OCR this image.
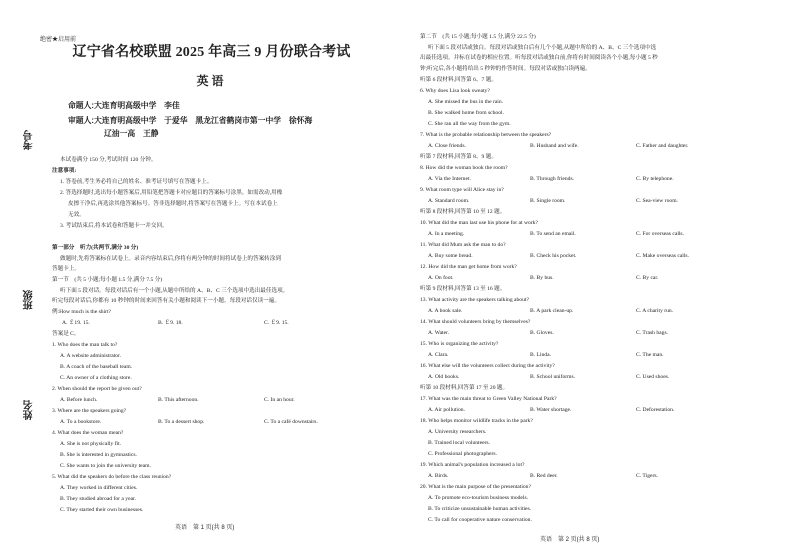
考号
班级
姓名
绝密★启用前
辽宁省名校联盟 2025 年高三 9 月份联合考试
英语
命题人:大连育明高级中学　李佳
审题人:大连育明高级中学　于爱华　黑龙江省鹤岗市第一中学　徐怀海
辽油一高　王静
本试卷满分 150 分,考试时间 120 分钟。
注意事项:
1. 答卷前,考生务必将自己的姓名、准考证号填写在答题卡上。
2. 答选择题时,选出每小题答案后,用铅笔把答题卡对应题目的答案标号涂黑。如需改动,用橡
皮擦干净后,再选涂其他答案标号。答非选择题时,将答案写在答题卡上。写在本试卷上
无效。
3. 考试结束后,将本试卷和答题卡一并交回。
第一部分　听力(共两节,满分 30 分)
做题时,先将答案标在试卷上。录音内容结束后,你将有两分钟的时间将试卷上的答案转涂到
答题卡上。
第一节　(共 5 小题;每小题 1.5 分,满分 7.5 分)
听下面 5 段对话。每段对话后有一个小题,从题中所给的 A、B、C 三个选项中选出最佳选项。
听完每段对话后,你都有 10 秒钟的时间来回答有关小题和阅读下一小题。每段对话仅读一遍。
例:How much is the shirt?
A. ￡19. 15.	B. ￡9. 18.	C. ￡9. 15.
答案是 C。
1. Who does the man talk to?
A. A website administrator.
B. A coach of the baseball team.
C. An owner of a clothing store.
2. When should the report be given out?
A. Before lunch.	B. This afternoon.	C. In an hour.
3. Where are the speakers going?
A. To a bookstore.	B. To a dessert shop.	C. To a café downstairs.
4. What does the woman mean?
A. She is not physically fit.
B. She is interested in gymnastics.
C. She wants to join the university team.
5. What did the speakers do before the class reunion?
A. They worked in different cities.
B. They studied abroad for a year.
C. They started their own businesses.
英语　第 1 页(共 8 页)
第二节　(共 15 小题;每小题 1.5 分,满分 22.5 分)
听下面 5 段对话或独白。每段对话或独白后有几个小题,从题中所给的 A、B、C 三个选项中选
出最佳选项。并标在试卷的相应位置。听每段对话或独白前,你将有时间阅读各个小题,每小题 5 秒
钟;听完后,各小题将给出 5 秒钟的作答时间。每段对话或独白读两遍。
听第 6 段材料,回答第 6、7 题。
6. Why does Lisa look sweaty?
A. She missed the bus in the rain.
B. She walked home from school.
C. She ran all the way from the gym.
7. What is the probable relationship between the speakers?
A. Close friends.	B. Husband and wife.	C. Father and daughter.
听第 7 段材料,回答第 8、9 题。
8. How did the woman book the room?
A. Via the Internet.	B. Through friends.	C. By telephone.
9. What room type will Alice stay in?
A. Standard room.	B. Single room.	C. Sea-view room.
听第 8 段材料,回答第 10 至 12 题。
10. What did the man last use his phone for at work?
A. In a meeting.	B. To send an email.	C. For overseas calls.
11. What did Mum ask the man to do?
A. Buy some bread.	B. Check his pocket.	C. Make overseas calls.
12. How did the man get home from work?
A. On foot.	B. By bus.	C. By car.
听第 9 段材料,回答第 13 至 16 题。
13. What activity are the speakers talking about?
A. A book sale.	B. A park clean-up.	C. A charity run.
14. What should volunteers bring by themselves?
A. Water.	B. Gloves.	C. Trash bags.
15. Who is organizing the activity?
A. Clara.	B. Linda.	C. The man.
16. What else will the volunteers collect during the activity?
A. Old books.	B. School uniforms.	C. Used shoes.
听第 10 段材料,回答第 17 至 20 题。
17. What was the main threat to Green Valley National Park?
A. Air pollution.	B. Water shortage.	C. Deforestation.
18. Who helps monitor wildlife tracks in the park?
A. University researchers.
B. Trained local volunteers.
C. Professional photographers.
19. Which animal's population increased a lot?
A. Birds.	B. Red deer.	C. Tigers.
20. What is the main purpose of the presentation?
A. To promote eco-tourism business models.
B. To criticize unsustainable human activities.
C. To call for cooperative nature conservation.
英语　第 2 页(共 8 页)
